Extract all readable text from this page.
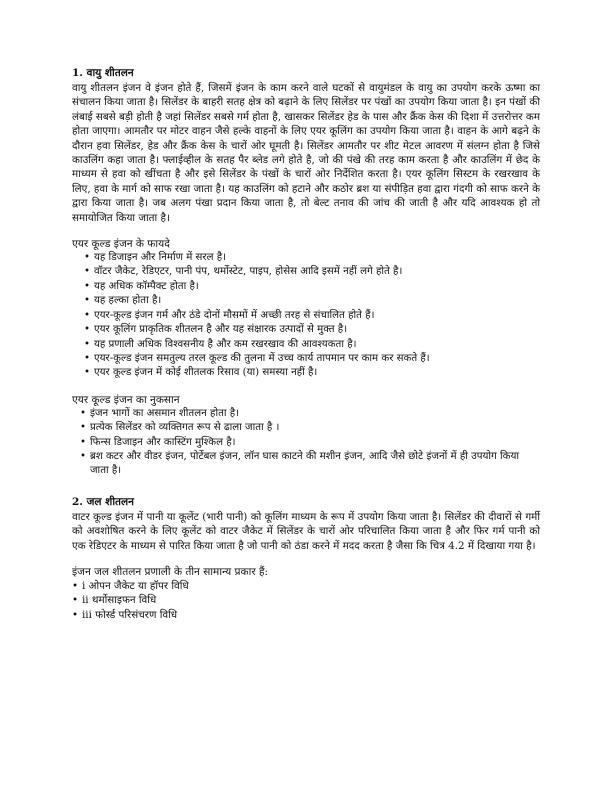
1. वायु शीतलन

वायु शीतलन इंजन वे इंजन होते हैं, जिसमें इंजन के काम करने वाले घटकों से वायुमंडल के वायु का उपयोग करके ऊष्मा का संचालन किया जाता है। सिलेंडर के बाहरी सतह क्षेत्र को बढ़ाने के लिए सिलेंडर पर पंखों का उपयोग किया जाता है। इन पंखों की लंबाई सबसे बड़ी होती है जहां सिलेंडर सबसे गर्म होता है, खासकर सिलेंडर हेड के पास और क्रैंक केस की दिशा में उत्तरोत्तर कम होता जाएगा। आमतौर पर मोटर वाहन जैसे हल्के वाहनों के लिए एयर कूलिंग का उपयोग किया जाता है। वाहन के आगे बढ़ने के दौरान हवा सिलेंडर, हेड और क्रैंक केस के चारों ओर घूमती है। सिलेंडर आमतौर पर शीट मेटल आवरण में संलग्न होता है जिसे काउलिंग कहा जाता है। फ्लाईव्हील के सतह पैर ब्लेड लगे होते है, जो की पंखे की तरह काम करता है और काउलिंग में छेद के माध्यम से हवा को खींचता है और इसे सिलेंडर के पंखों के चारों ओर निर्देशित करता है। एयर कूलिंग सिस्टम के रखरखाव के लिए, हवा के मार्ग को साफ रखा जाता है। यह काउलिंग को हटाने और कठोर ब्रश या संपीड़ित हवा द्वारा गंदगी को साफ करने के द्वारा किया जाता है। जब अलग पंखा प्रदान किया जाता है, तो बेल्ट तनाव की जांच की जाती है और यदि आवश्यक हो तो समायोजित किया जाता है।

एयर कूल्ड इंजन के फायदे
• यह डिजाइन और निर्माण में सरल है।
• वॉटर जैकेट, रेडिएटर, पानी पंप, थर्मोस्टेट, पाइप, होसेस आदि इसमें नहीं लगे होते है।
• यह अधिक कॉम्पैक्ट होता है।
• यह हल्का होता है।
• एयर-कूल्ड इंजन गर्म और ठंडे दोनों मौसमों में अच्छी तरह से संचालित होते हैं।
• एयर कूलिंग प्राकृतिक शीतलन है और यह संक्षारक उत्पादों से मुक्त है।
• यह प्रणाली अधिक विश्वसनीय है और कम रखरखाव की आवश्यकता है।
• एयर-कूल्ड इंजन समतुल्य तरल कूल्ड की तुलना में उच्च कार्य तापमान पर काम कर सकते हैं।
• एयर कूल्ड इंजन में कोई शीतलक रिसाव (या) समस्या नहीं है।
एयर कूल्ड इंजन का नुकसान
• इंजन भागों का असमान शीतलन होता है।
• प्रत्येक सिलेंडर को व्यक्तिगत रूप से ढाला जाता है ।
• फिन्स डिजाइन और कास्टिंग मुश्किल है।
• ब्रश कटर और वीडर इंजन, पोर्टेबल इंजन, लॉन घास काटने की मशीन इंजन, आदि जैसे छोटे इंजनों में ही उपयोग किया जाता है।
2. जल शीतलन

वाटर कूल्ड इंजन में पानी या कूलेंट (भारी पानी) को कूलिंग माध्यम के रूप में उपयोग किया जाता है। सिलेंडर की दीवारों से गर्मी को अवशोषित करने के लिए कूलेंट को वाटर जैकेट में सिलेंडर के चारों ओर परिचालित किया जाता है और फिर गर्म पानी को एक रेडिएटर के माध्यम से पारित किया जाता है जो पानी को ठंडा करने में मदद करता है जैसा कि चित्र 4.2 में दिखाया गया है।

इंजन जल शीतलन प्रणाली के तीन सामान्य प्रकार हैं:
• i ओपन जैकेट या हॉपर विधि
• ii थर्मोसाइफन विधि
• iii फोर्स्ड परिसंचरण विधि
